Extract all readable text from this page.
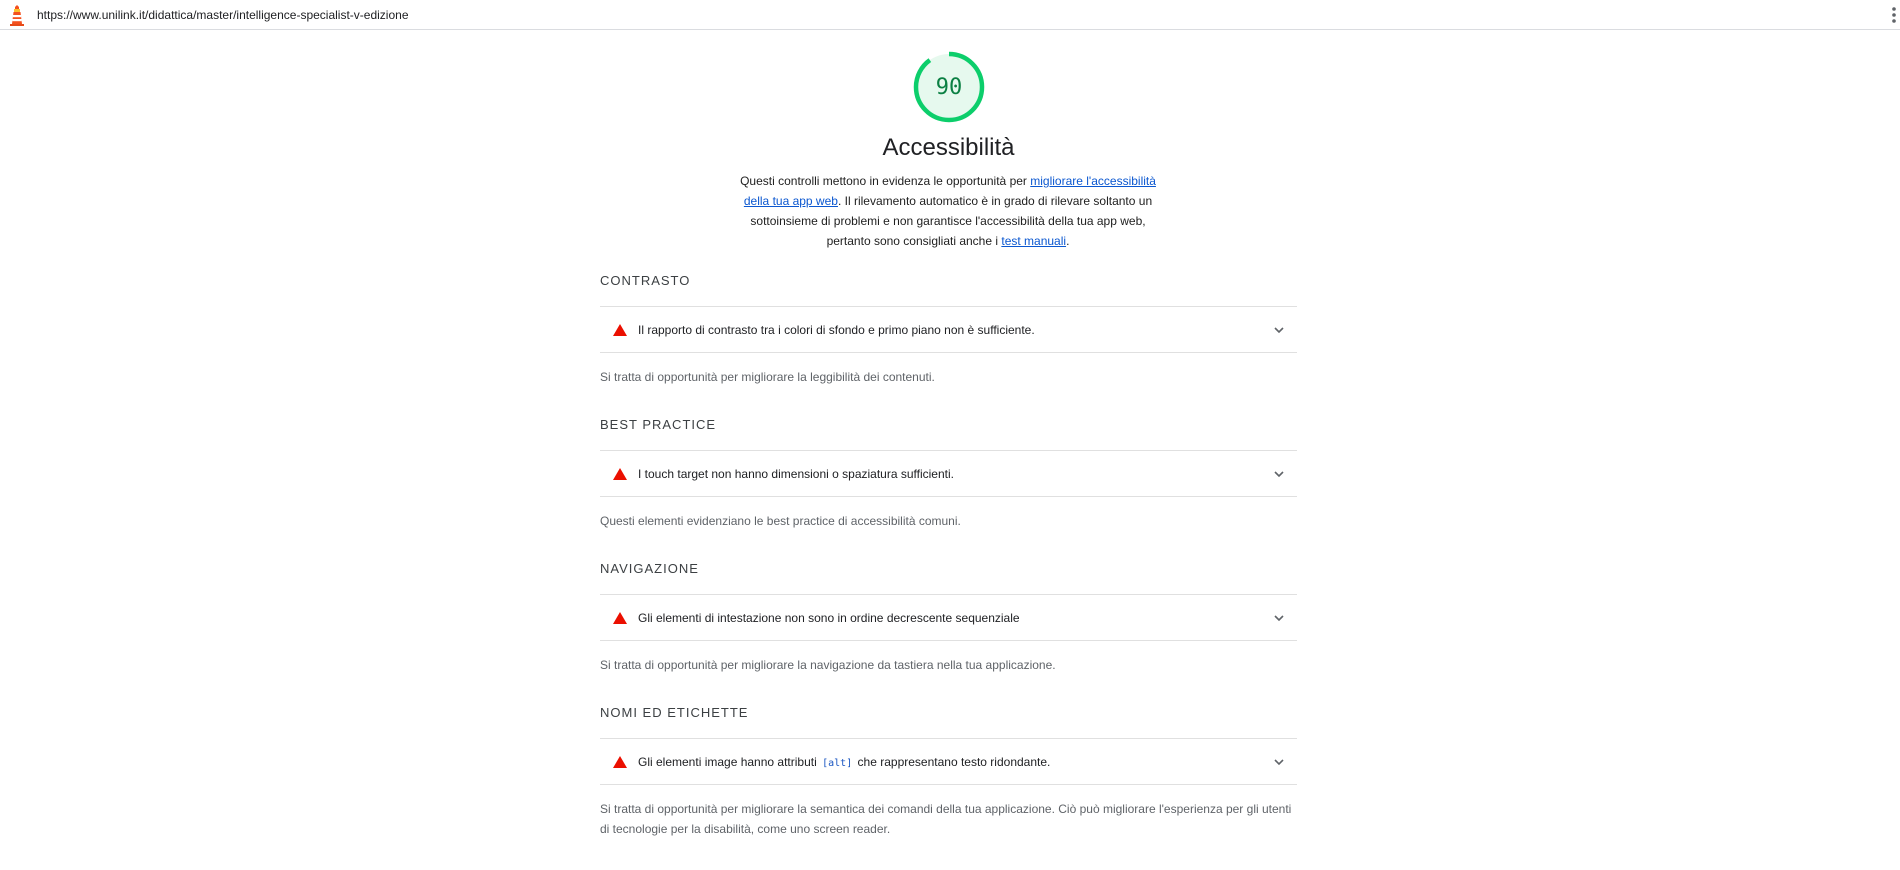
https://www.unilink.it/didattica/master/intelligence-specialist-v-edizione
90
Accessibilità
Questi controlli mettono in evidenza le opportunità per migliorare l'accessibilità della tua app web. Il rilevamento automatico è in grado di rilevare soltanto un sottoinsieme di problemi e non garantisce l'accessibilità della tua app web, pertanto sono consigliati anche i test manuali.
CONTRASTO
Il rapporto di contrasto tra i colori di sfondo e primo piano non è sufficiente.
Si tratta di opportunità per migliorare la leggibilità dei contenuti.
BEST PRACTICE
I touch target non hanno dimensioni o spaziatura sufficienti.
Questi elementi evidenziano le best practice di accessibilità comuni.
NAVIGAZIONE
Gli elementi di intestazione non sono in ordine decrescente sequenziale
Si tratta di opportunità per migliorare la navigazione da tastiera nella tua applicazione.
NOMI ED ETICHETTE
Gli elementi image hanno attributi [alt] che rappresentano testo ridondante.
Si tratta di opportunità per migliorare la semantica dei comandi della tua applicazione. Ciò può migliorare l'esperienza per gli utenti di tecnologie per la disabilità, come uno screen reader.
